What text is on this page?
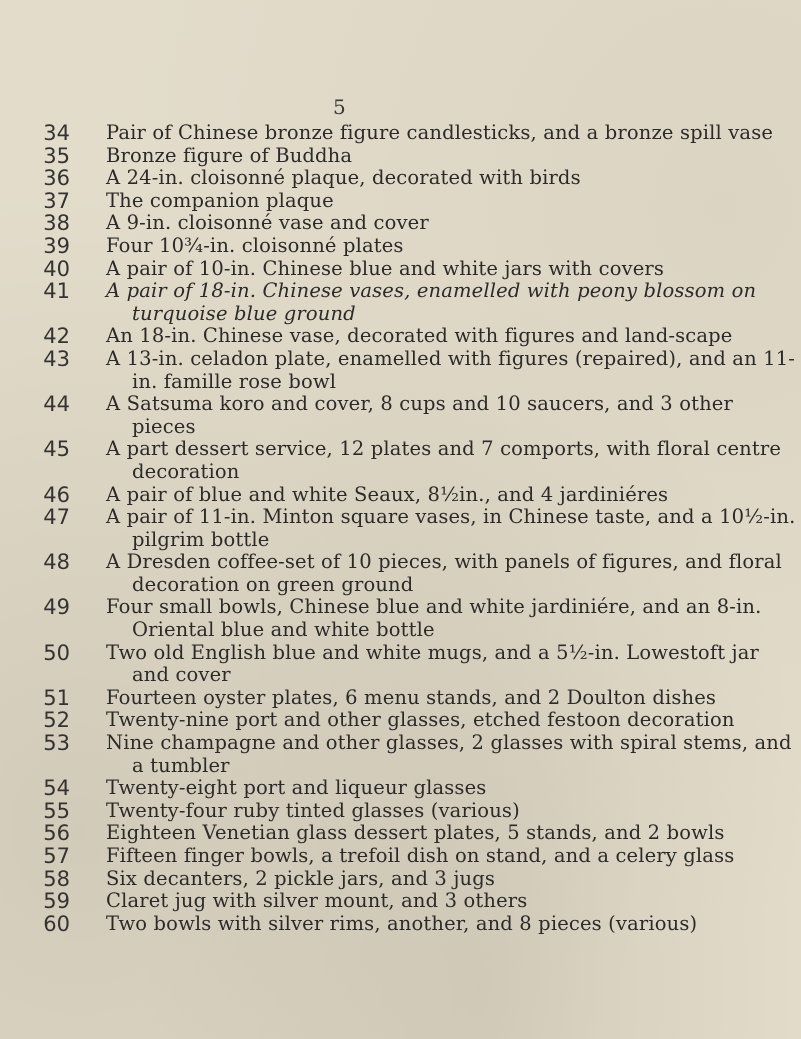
5
34 Pair of Chinese bronze figure candlesticks, and a bronze spill vase
35 Bronze figure of Buddha
36 A 24-in. cloisonné plaque, decorated with birds
37 The companion plaque
38 A 9-in. cloisonné vase and cover
39 Four 10¾-in. cloisonné plates
40 A pair of 10-in. Chinese blue and white jars with covers
41 A pair of 18-in. Chinese vases, enamelled with peony blossom on turquoise blue ground
42 An 18-in. Chinese vase, decorated with figures and land-scape
43 A 13-in. celadon plate, enamelled with figures (repaired), and an 11-in. famille rose bowl
44 A Satsuma koro and cover, 8 cups and 10 saucers, and 3 other pieces
45 A part dessert service, 12 plates and 7 comports, with floral centre decoration
46 A pair of blue and white Seaux, 8½in., and 4 jardiniéres
47 A pair of 11-in. Minton square vases, in Chinese taste, and a 10½-in. pilgrim bottle
48 A Dresden coffee-set of 10 pieces, with panels of figures, and floral decoration on green ground
49 Four small bowls, Chinese blue and white jardiniére, and an 8-in. Oriental blue and white bottle
50 Two old English blue and white mugs, and a 5½-in. Lowestoft jar and cover
51 Fourteen oyster plates, 6 menu stands, and 2 Doulton dishes
52 Twenty-nine port and other glasses, etched festoon decoration
53 Nine champagne and other glasses, 2 glasses with spiral stems, and a tumbler
54 Twenty-eight port and liqueur glasses
55 Twenty-four ruby tinted glasses (various)
56 Eighteen Venetian glass dessert plates, 5 stands, and 2 bowls
57 Fifteen finger bowls, a trefoil dish on stand, and a celery glass
58 Six decanters, 2 pickle jars, and 3 jugs
59 Claret jug with silver mount, and 3 others
60 Two bowls with silver rims, another, and 8 pieces (various)
